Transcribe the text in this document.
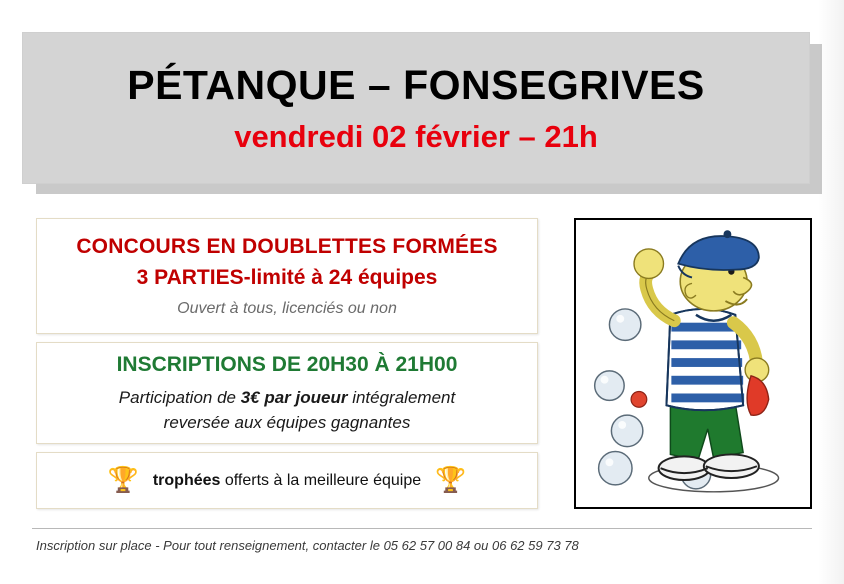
PÉTANQUE – FONSEGRIVES
vendredi 02 février – 21h
CONCOURS EN DOUBLETTES FORMÉES
3 PARTIES-limité à 24 équipes
Ouvert à tous, licenciés ou non
INSCRIPTIONS DE 20H30 À 21H00
Participation de 3€ par joueur intégralement
reversée aux équipes gagnantes
🏆 trophées offerts à la meilleure équipe 🏆
Inscription sur place - Pour tout renseignement, contacter le 05 62 57 00 84 ou 06 62 59 73 78
